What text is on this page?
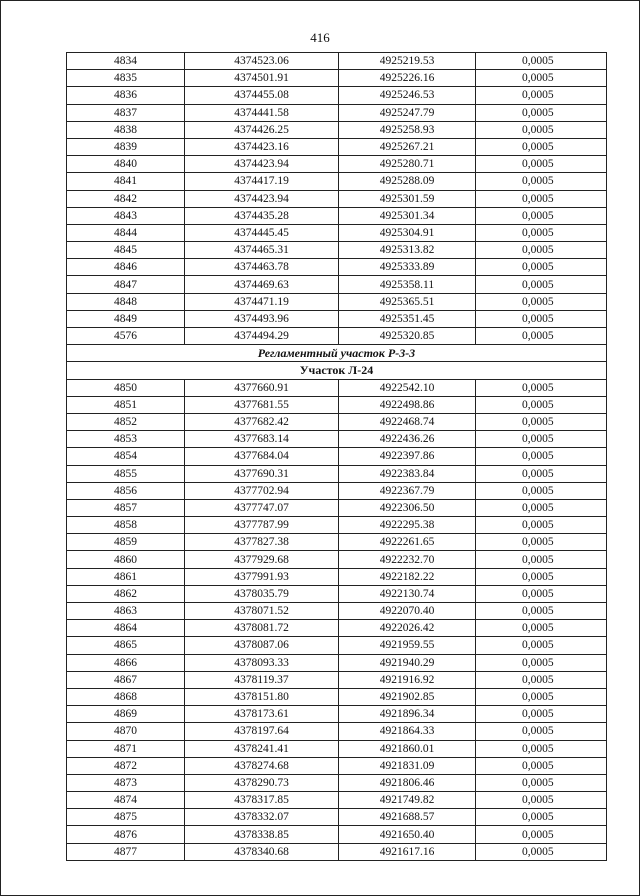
416
4834	4374523.06	4925219.53	0,0005
4835	4374501.91	4925226.16	0,0005
4836	4374455.08	4925246.53	0,0005
4837	4374441.58	4925247.79	0,0005
4838	4374426.25	4925258.93	0,0005
4839	4374423.16	4925267.21	0,0005
4840	4374423.94	4925280.71	0,0005
4841	4374417.19	4925288.09	0,0005
4842	4374423.94	4925301.59	0,0005
4843	4374435.28	4925301.34	0,0005
4844	4374445.45	4925304.91	0,0005
4845	4374465.31	4925313.82	0,0005
4846	4374463.78	4925333.89	0,0005
4847	4374469.63	4925358.11	0,0005
4848	4374471.19	4925365.51	0,0005
4849	4374493.96	4925351.45	0,0005
4576	4374494.29	4925320.85	0,0005
Регламентный участок Р-3-3			
Участок Л-24			
4850	4377660.91	4922542.10	0,0005
4851	4377681.55	4922498.86	0,0005
4852	4377682.42	4922468.74	0,0005
4853	4377683.14	4922436.26	0,0005
4854	4377684.04	4922397.86	0,0005
4855	4377690.31	4922383.84	0,0005
4856	4377702.94	4922367.79	0,0005
4857	4377747.07	4922306.50	0,0005
4858	4377787.99	4922295.38	0,0005
4859	4377827.38	4922261.65	0,0005
4860	4377929.68	4922232.70	0,0005
4861	4377991.93	4922182.22	0,0005
4862	4378035.79	4922130.74	0,0005
4863	4378071.52	4922070.40	0,0005
4864	4378081.72	4922026.42	0,0005
4865	4378087.06	4921959.55	0,0005
4866	4378093.33	4921940.29	0,0005
4867	4378119.37	4921916.92	0,0005
4868	4378151.80	4921902.85	0,0005
4869	4378173.61	4921896.34	0,0005
4870	4378197.64	4921864.33	0,0005
4871	4378241.41	4921860.01	0,0005
4872	4378274.68	4921831.09	0,0005
4873	4378290.73	4921806.46	0,0005
4874	4378317.85	4921749.82	0,0005
4875	4378332.07	4921688.57	0,0005
4876	4378338.85	4921650.40	0,0005
4877	4378340.68	4921617.16	0,0005
